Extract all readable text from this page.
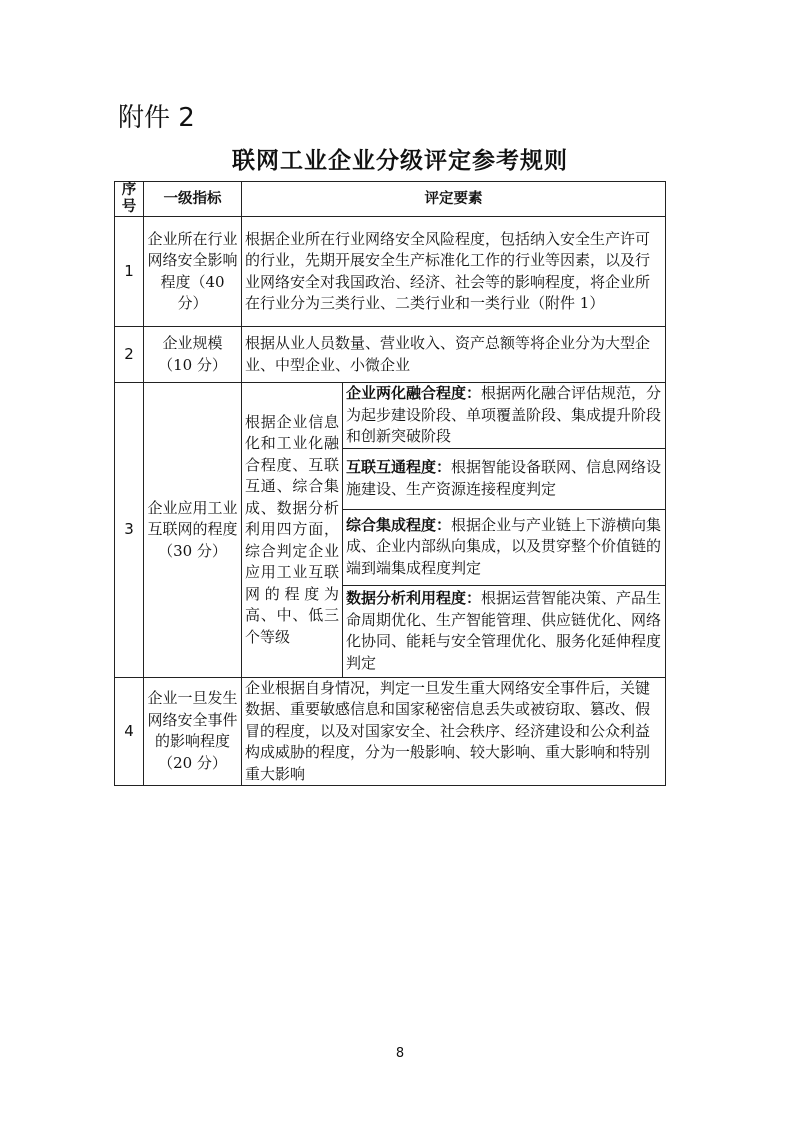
附件 2
联网工业企业分级评定参考规则
序号	一级指标	评定要素	
1	企业所在行业网络安全影响程度（40 分）	根据企业所在行业网络安全风险程度，包括纳入安全生产许可的行业，先期开展安全生产标准化工作的行业等因素，以及行业网络安全对我国政治、经济、社会等的影响程度，将企业所在行业分为三类行业、二类行业和一类行业（附件 1）	
2	企业规模（10 分）	根据从业人员数量、营业收入、资产总额等将企业分为大型企业、中型企业、小微企业	
3	企业应用工业互联网的程度（30 分）	根据企业信息化和工业化融合程度、互联互通、综合集成、数据分析利用四方面，综合判定企业应用工业互联网的程度为高、中、低三个等级	企业两化融合程度：根据两化融合评估规范，分为起步建设阶段、单项覆盖阶段、集成提升阶段和创新突破阶段
			互联互通程度：根据智能设备联网、信息网络设施建设、生产资源连接程度判定
			综合集成程度：根据企业与产业链上下游横向集成、企业内部纵向集成，以及贯穿整个价值链的端到端集成程度判定
			数据分析利用程度：根据运营智能决策、产品生命周期优化、生产智能管理、供应链优化、网络化协同、能耗与安全管理优化、服务化延伸程度判定
4	企业一旦发生网络安全事件的影响程度（20 分）	企业根据自身情况，判定一旦发生重大网络安全事件后，关键数据、重要敏感信息和国家秘密信息丢失或被窃取、篡改、假冒的程度，以及对国家安全、社会秩序、经济建设和公众利益构成威胁的程度，分为一般影响、较大影响、重大影响和特别重大影响	
8
